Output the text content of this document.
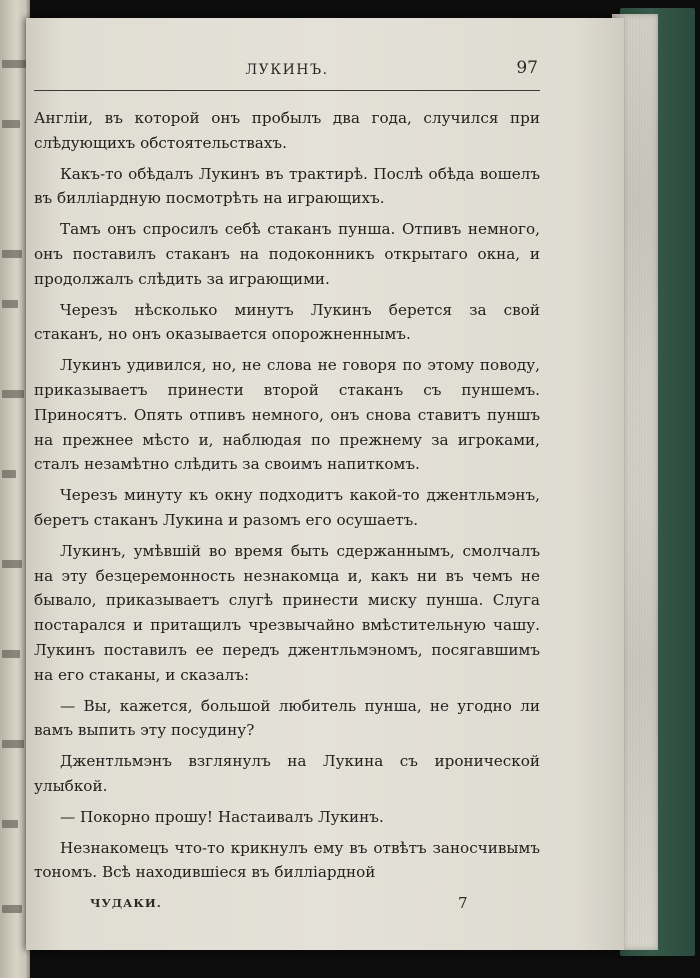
ЛУКИНЪ.	97

Англiи, въ которой онъ пробылъ два года, случился при слѣдующихъ обстоятельствахъ.

Какъ-то обѣдалъ Лукинъ въ трактирѣ. Послѣ обѣда вошелъ въ билліардную посмотрѣть на играющихъ.

Тамъ онъ спросилъ себѣ стаканъ пунша. Отпивъ немного, онъ поставилъ стаканъ на подоконникъ открытаго окна, и продолжалъ слѣдить за играющими.

Черезъ нѣсколько минутъ Лукинъ берется за свой стаканъ, но онъ оказывается опорожненнымъ.

Лукинъ удивился, но, не слова не говоря по этому поводу, приказываетъ принести второй стаканъ съ пуншемъ. Приносятъ. Опять отпивъ немного, онъ снова ставитъ пуншъ на прежнее мѣсто и, наблюдая по прежнему за игроками, сталъ незамѣтно слѣдить за своимъ напиткомъ.

Черезъ минуту къ окну подходитъ какой-то джентльмэнъ, беретъ стаканъ Лукина и разомъ его осушаетъ.

Лукинъ, умѣвшiй во время быть сдержаннымъ, смолчалъ на эту безцеремонность незнакомца и, какъ ни въ чемъ не бывало, приказываетъ слугѣ принести миску пунша. Слуга постарался и притащилъ чрезвычайно вмѣстительную чашу. Лукинъ поставилъ ее передъ джентльмэномъ, посягавшимъ на его стаканы, и сказалъ:

— Вы, кажется, большой любитель пунша, не угодно ли вамъ выпить эту посудину?

Джентльмэнъ взглянулъ на Лукина съ ироничeской улыбкой.

— Покорно прошу! Настаивалъ Лукинъ.

Незнакомецъ что-то крикнулъ ему въ отвѣтъ заносчивымъ тономъ. Всѣ находившiеся въ билліардной

ЧУДАКИ.	7
